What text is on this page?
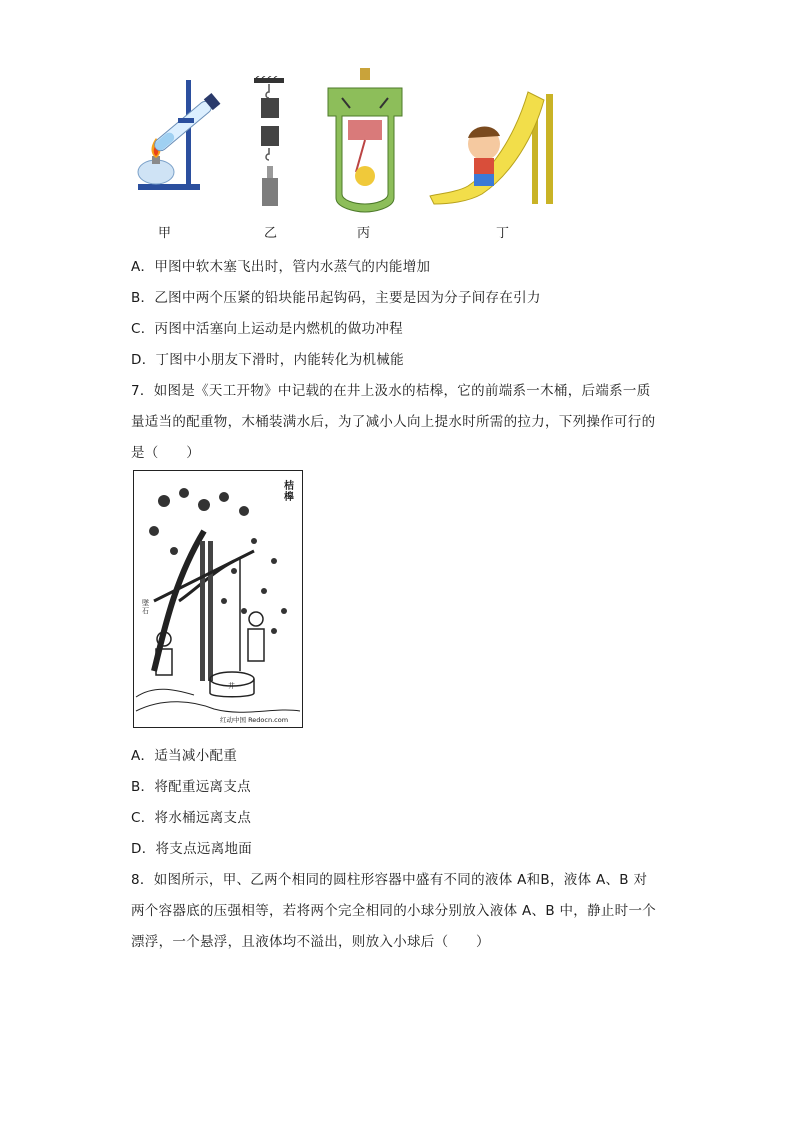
甲	乙	丙	丁
A．甲图中软木塞飞出时，管内水蒸气的内能增加
B．乙图中两个压紧的铅块能吊起钩码，主要是因为分子间存在引力
C．丙图中活塞向上运动是内燃机的做功冲程
D．丁图中小朋友下滑时，内能转化为机械能
7．如图是《天工开物》中记载的在井上汲水的桔槔，它的前端系一木桶，后端系一质
量适当的配重物，木桶装满水后，为了减小人向上提水时所需的拉力，下列操作可行的
是（　　）
桔
槔
墜石
井
红动中国 Redocn.com
A．适当减小配重
B．将配重远离支点
C．将水桶远离支点
D．将支点远离地面
8．如图所示，甲、乙两个相同的圆柱形容器中盛有不同的液体 A和B，液体 A、B 对
两个容器底的压强相等，若将两个完全相同的小球分别放入液体 A、B 中，静止时一个
漂浮，一个悬浮，且液体均不溢出，则放入小球后（　　）
